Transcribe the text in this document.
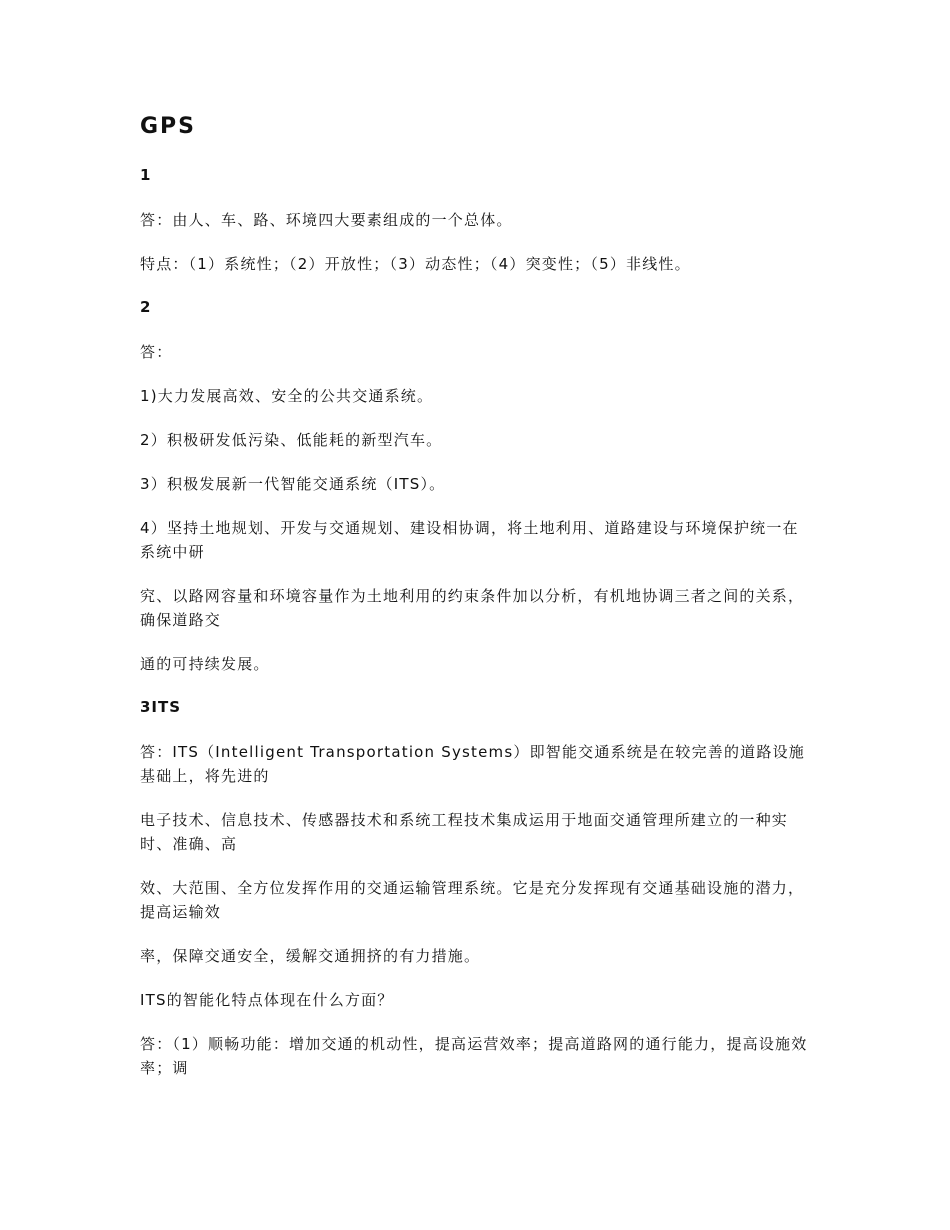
GPS
1
答：由人、车、路、环境四大要素组成的一个总体。
特点：（1）系统性；（2）开放性；（3）动态性；（4）突变性；（5）非线性。
2
答：
1)大力发展高效、安全的公共交通系统。
2）积极研发低污染、低能耗的新型汽车。
3）积极发展新一代智能交通系统（ITS）。
4）坚持土地规划、开发与交通规划、建设相协调，将土地利用、道路建设与环境保护统一在系统中研
究、以路网容量和环境容量作为土地利用的约束条件加以分析，有机地协调三者之间的关系，确保道路交
通的可持续发展。
3ITS
答：ITS（Intelligent Transportation Systems）即智能交通系统是在较完善的道路设施基础上，将先进的
电子技术、信息技术、传感器技术和系统工程技术集成运用于地面交通管理所建立的一种实时、准确、高
效、大范围、全方位发挥作用的交通运输管理系统。它是充分发挥现有交通基础设施的潜力，提高运输效
率，保障交通安全，缓解交通拥挤的有力措施。
ITS的智能化特点体现在什么方面？
答：（1）顺畅功能：增加交通的机动性，提高运营效率；提高道路网的通行能力，提高设施效率；调
